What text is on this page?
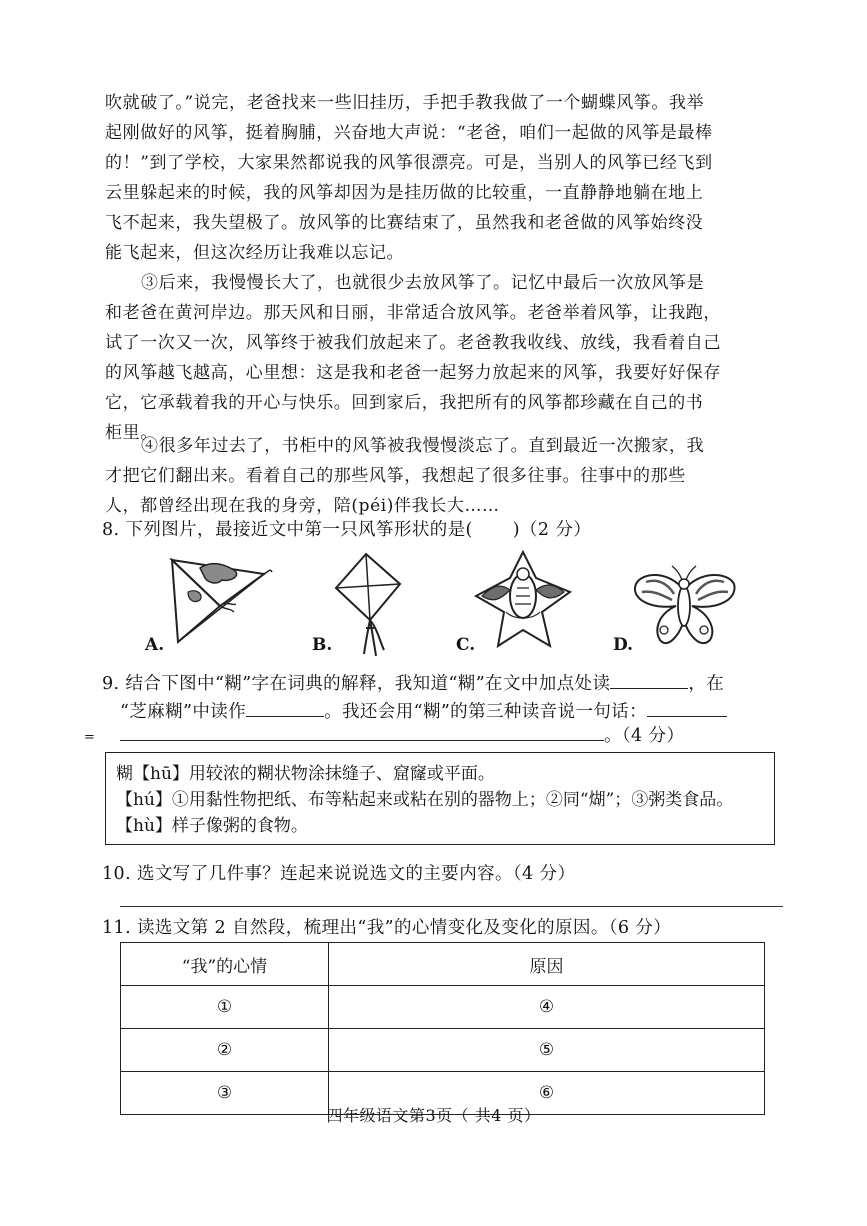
吹就破了。”说完，老爸找来一些旧挂历，手把手教我做了一个蝴蝶风筝。我举
起刚做好的风筝，挺着胸脯，兴奋地大声说：“老爸，咱们一起做的风筝是最棒
的！”到了学校，大家果然都说我的风筝很漂亮。可是，当别人的风筝已经飞到
云里躲起来的时候，我的风筝却因为是挂历做的比较重，一直静静地躺在地上
飞不起来，我失望极了。放风筝的比赛结束了，虽然我和老爸做的风筝始终没
能飞起来，但这次经历让我难以忘记。
③后来，我慢慢长大了，也就很少去放风筝了。记忆中最后一次放风筝是
和老爸在黄河岸边。那天风和日丽，非常适合放风筝。老爸举着风筝，让我跑，
试了一次又一次，风筝终于被我们放起来了。老爸教我收线、放线，我看着自己
的风筝越飞越高，心里想：这是我和老爸一起努力放起来的风筝，我要好好保存
它，它承载着我的开心与快乐。回到家后，我把所有的风筝都珍藏在自己的书
柜里。
④很多年过去了，书柜中的风筝被我慢慢淡忘了。直到最近一次搬家，我
才把它们翻出来。看着自己的那些风筝，我想起了很多往事。往事中的那些
人，都曾经出现在我的身旁，陪(péi)伴我长大……
8. 下列图片，最接近文中第一只风筝形状的是( )（2 分）
A.	B.	C.	D.
9. 结合下图中“糊”字在词典的解释，我知道“糊”在文中加点处读	，在
“芝麻糊”中读作	。我还会用“糊”的第三种读音说一句话：
=	。（4 分）
糊【hū】用较浓的糊状物涂抹缝子、窟窿或平面。
【hú】①用黏性物把纸、布等粘起来或粘在别的器物上；②同“煳”；③粥类食品。
【hù】样子像粥的食物。
10. 选文写了几件事？连起来说说选文的主要内容。（4 分）
11. 读选文第 2 自然段，梳理出“我”的心情变化及变化的原因。（6 分）
“我”的心情	原因
①	④
②	⑤
③	⑥
四年级语文第3页（ 共4 页）
